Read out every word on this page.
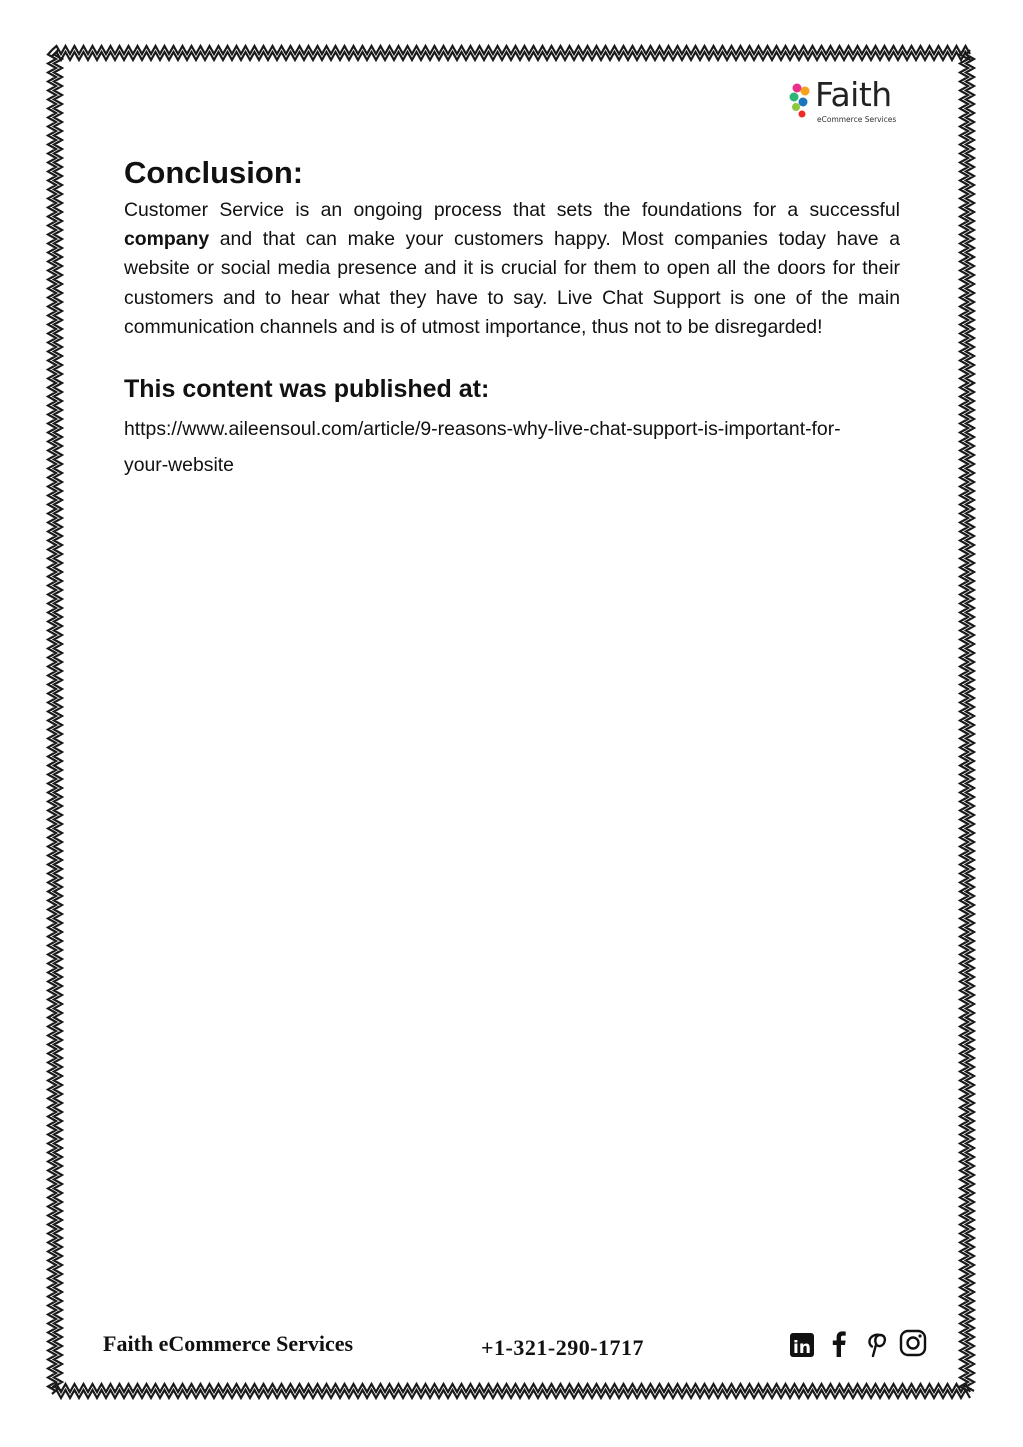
Faith
eCommerce Services
Conclusion:

Customer Service is an ongoing process that sets the foundations for a successful company and that can make your customers happy. Most companies today have a website or social media presence and it is crucial for them to open all the doors for their customers and to hear what they have to say. Live Chat Support is one of the main communication channels and is of utmost importance, thus not to be disregarded!

This content was published at:
https://www.aileensoul.com/article/9-reasons-why-live-chat-support-is-important-for-your-website
Faith eCommerce Services	+1-321-290-1717	in
